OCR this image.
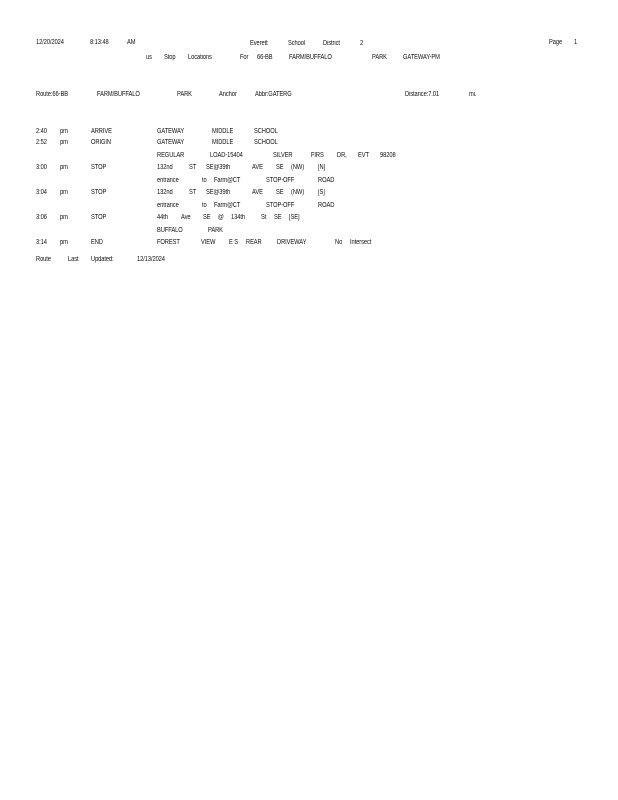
12/20/2024	8:13:48	AM	Everett	School	District	2	Page 1
us Stop Locations	For 66-BB FARM/BUFFALO	PARK GATEWAY-PM
Route:66-BB	FARM/BUFFALO	PARK	Anchor	Abbr:GATERG	Distance:7.01	mi.
2:40 pm	ARRIVE	GATEWAY	MIDDLE	SCHOOL
2:52 pm	ORIGIN	GATEWAY	MIDDLE	SCHOOL
REGULAR	LOAD-15404	SILVER	FIRS DR, EVT 98208
3:00 pm	STOP	132nd ST SE@39th	AVE SE (NW) [N]
entrance	to Farm@CT	STOP-OFF	ROAD
3:04 pm	STOP	132nd ST SE@39th	AVE SE (NW) [S]
entrance	to Farm@CT	STOP-OFF	ROAD
3:06 pm	STOP	44th Ave SE @ 134th St SE [SE]
BUFFALO	PARK
3:14 pm	END	FOREST	VIEW E S REAR DRIVEWAY	No Intersect
Route Last Updated:	12/13/2024
